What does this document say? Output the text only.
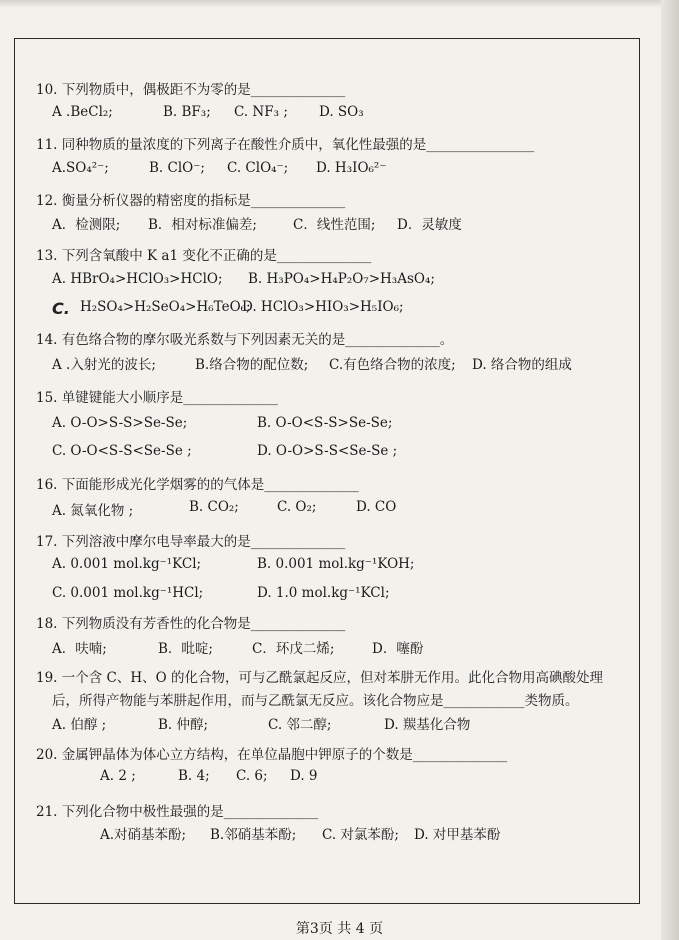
10. 下列物质中，偶极距不为零的是______________
A .BeCl₂;	B. BF₃; C. NF₃ ; D. SO₃
11. 同种物质的量浓度的下列离子在酸性介质中，氧化性最强的是________________
A.SO₄²⁻;	B. ClO⁻; C. ClO₄⁻; D. H₃IO₆²⁻
12. 衡量分析仪器的精密度的指标是______________
A．检测限; B．相对标准偏差;	C．线性范围; D．灵敏度
13. 下列含氧酸中 K a1 变化不正确的是______________
A. HBrO₄>HClO₃>HClO; B. H₃PO₄>H₄P₂O₇>H₃AsO₄;
C. H₂SO₄>H₂SeO₄>H₆TeO₆;
D. HClO₃>HIO₃>H₅IO₆;
14. 有色络合物的摩尔吸光系数与下列因素无关的是______________。
A .入射光的波长;	B.络合物的配位数; C.有色络合物的浓度; D. 络合物的组成
15. 单键键能大小顺序是______________
A. O-O>S-S>Se-Se;	B. O-O<S-S>Se-Se;
C. O-O<S-S<Se-Se ;	D. O-O>S-S<Se-Se ;
16. 下面能形成光化学烟雾的的气体是______________
A. 氮氧化物 ;	B. CO₂;	C. O₂;	D. CO
17. 下列溶液中摩尔电导率最大的是______________
A. 0.001 mol.kg⁻¹KCl;	B. 0.001 mol.kg⁻¹KOH;
C. 0.001 mol.kg⁻¹HCl;	D. 1.0 mol.kg⁻¹KCl;
18. 下列物质没有芳香性的化合物是______________
A．呋喃;	B．吡啶;	C．环戊二烯;	D．噻酚
19. 一个含 C、H、O 的化合物，可与乙酰氯起反应，但对苯肼无作用。此化合物用高碘酸处理
后，所得产物能与苯肼起作用，而与乙酰氯无反应。该化合物应是____________类物质。
A. 伯醇 ;	B. 仲醇;	C. 邻二醇;	D. 羰基化合物
20. 金属钾晶体为体心立方结构，在单位晶胞中钾原子的个数是______________
A. 2 ;	B. 4; C. 6; D. 9
21. 下列化合物中极性最强的是______________
A.对硝基苯酚; B.邻硝基苯酚; C. 对氯苯酚; D. 对甲基苯酚
第3页 共 4 页
